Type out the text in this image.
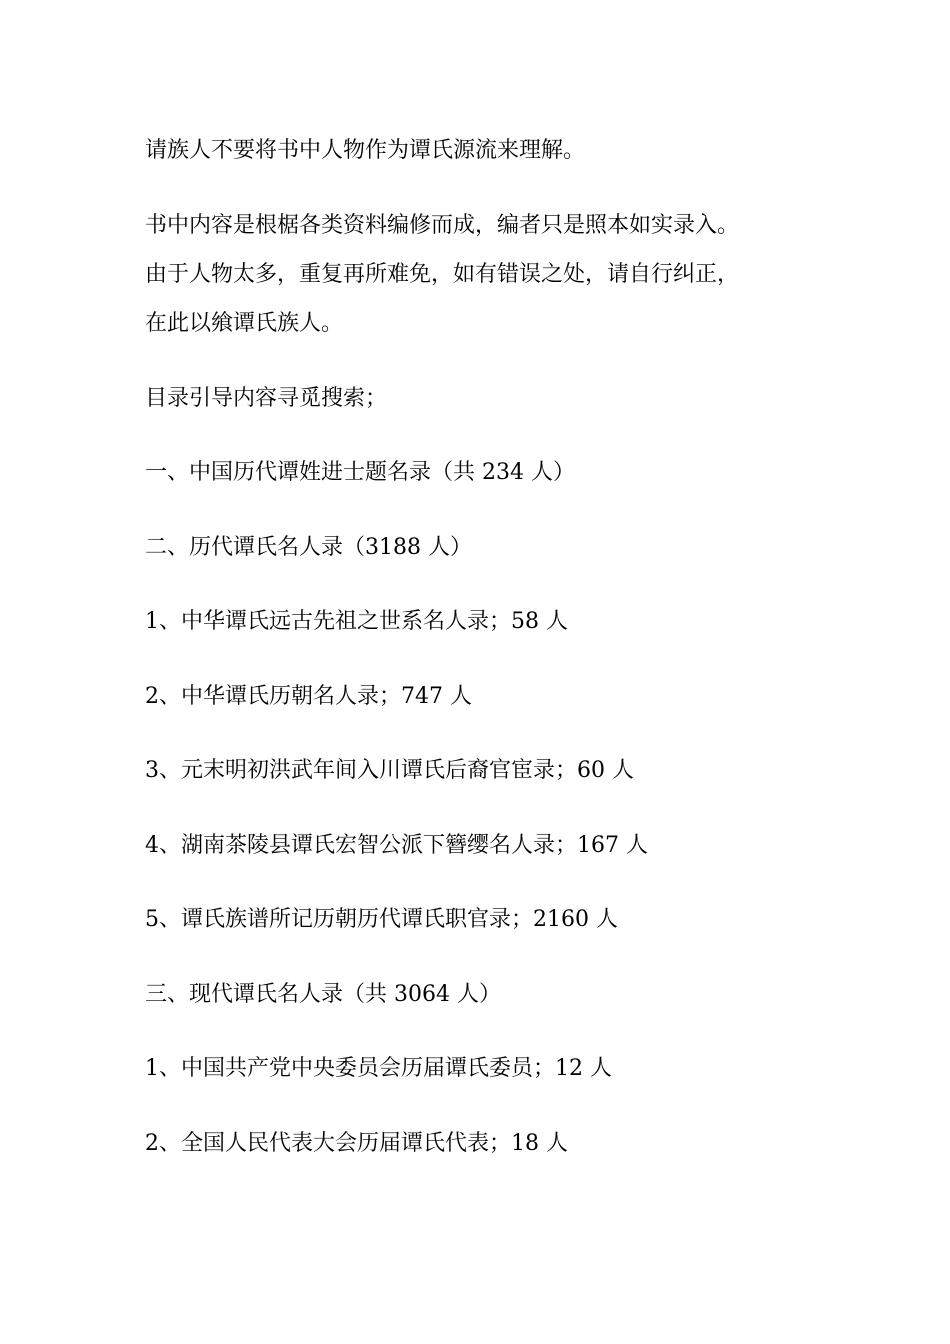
请族人不要将书中人物作为谭氏源流来理解。
书中内容是根椐各类资料编修而成，编者只是照本如实录入。
由于人物太多，重复再所难免，如有错误之处，请自行纠正，
在此以飨谭氏族人。
目录引导内容寻觅搜索；
一、中国历代谭姓进士题名录（共 234 人）
二、历代谭氏名人录（3188 人）
1、中华谭氏远古先祖之世系名人录；58 人
2、中华谭氏历朝名人录；747 人
3、元末明初洪武年间入川谭氏后裔官宦录；60 人
4、湖南茶陵县谭氏宏智公派下簪缨名人录；167 人
5、谭氏族谱所记历朝历代谭氏职官录；2160 人
三、现代谭氏名人录（共 3064 人）
1、中国共产党中央委员会历届谭氏委员；12 人
2、全国人民代表大会历届谭氏代表；18 人
